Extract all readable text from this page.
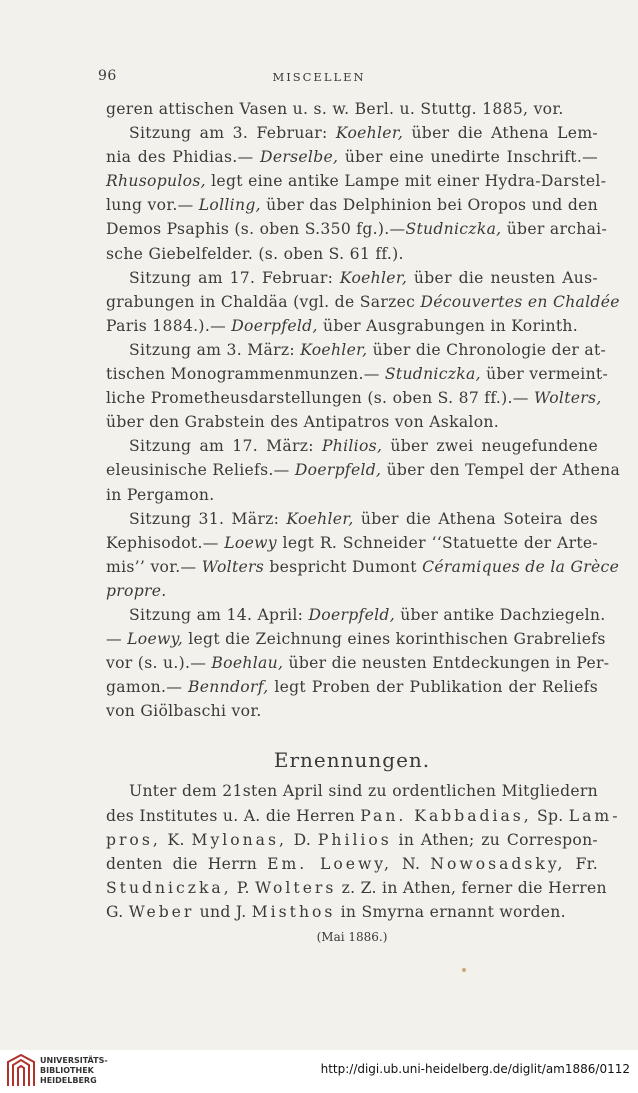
96	MISCELLEN
geren attischen Vasen u. s. w. Berl. u. Stuttg. 1885, vor.
Sitzung am 3. Februar: Koehler, über die Athena Lem-
nia des Phidias.— Derselbe, über eine unedirte Inschrift.—
Rhusopulos, legt eine antike Lampe mit einer Hydra-Darstel-
lung vor.— Lolling, über das Delphinion bei Oropos und den
Demos Psaphis (s. oben S.350 fg.).—Studniczka, über archai-
sche Giebelfelder. (s. oben S. 61 ff.).
Sitzung am 17. Februar: Koehler, über die neusten Aus-
grabungen in Chaldäa (vgl. de Sarzec Découvertes en Chaldée
Paris 1884.).— Doerpfeld, über Ausgrabungen in Korinth.
Sitzung am 3. März: Koehler, über die Chronologie der at-
tischen Monogrammenmunzen.— Studniczka, über vermeint-
liche Prometheusdarstellungen (s. oben S. 87 ff.).— Wolters,
über den Grabstein des Antipatros von Askalon.
Sitzung am 17. März: Philios, über zwei neugefundene
eleusinische Reliefs.— Doerpfeld, über den Tempel der Athena
in Pergamon.
Sitzung 31. März: Koehler, über die Athena Soteira des
Kephisodot.— Loewy legt R. Schneider ‘‘Statuette der Arte-
mis’’ vor.— Wolters bespricht Dumont Céramiques de la Grèce
propre.
Sitzung am 14. April: Doerpfeld, über antike Dachziegeln.
— Loewy, legt die Zeichnung eines korinthischen Grabreliefs
vor (s. u.).— Boehlau, über die neusten Entdeckungen in Per-
gamon.— Benndorf, legt Proben der Publikation der Reliefs
von Giölbaschi vor.
Ernennungen.
Unter dem 21sten April sind zu ordentlichen Mitgliedern
des Institutes u. A. die Herren Pan. Kabbadias, Sp. Lam-
pros, K. Mylonas, D. Philios in Athen; zu Correspon-
denten die Herrn Em. Loewy, N. Nowosadsky, Fr.
Studniczka, P. Wolters z. Z. in Athen, ferner die Herren
G. Weber und J. Misthos in Smyrna ernannt worden.
(Mai 1886.)
UNIVERSITÄTS-
BIBLIOTHEK
HEIDELBERG
http://digi.ub.uni-heidelberg.de/diglit/am1886/0112
